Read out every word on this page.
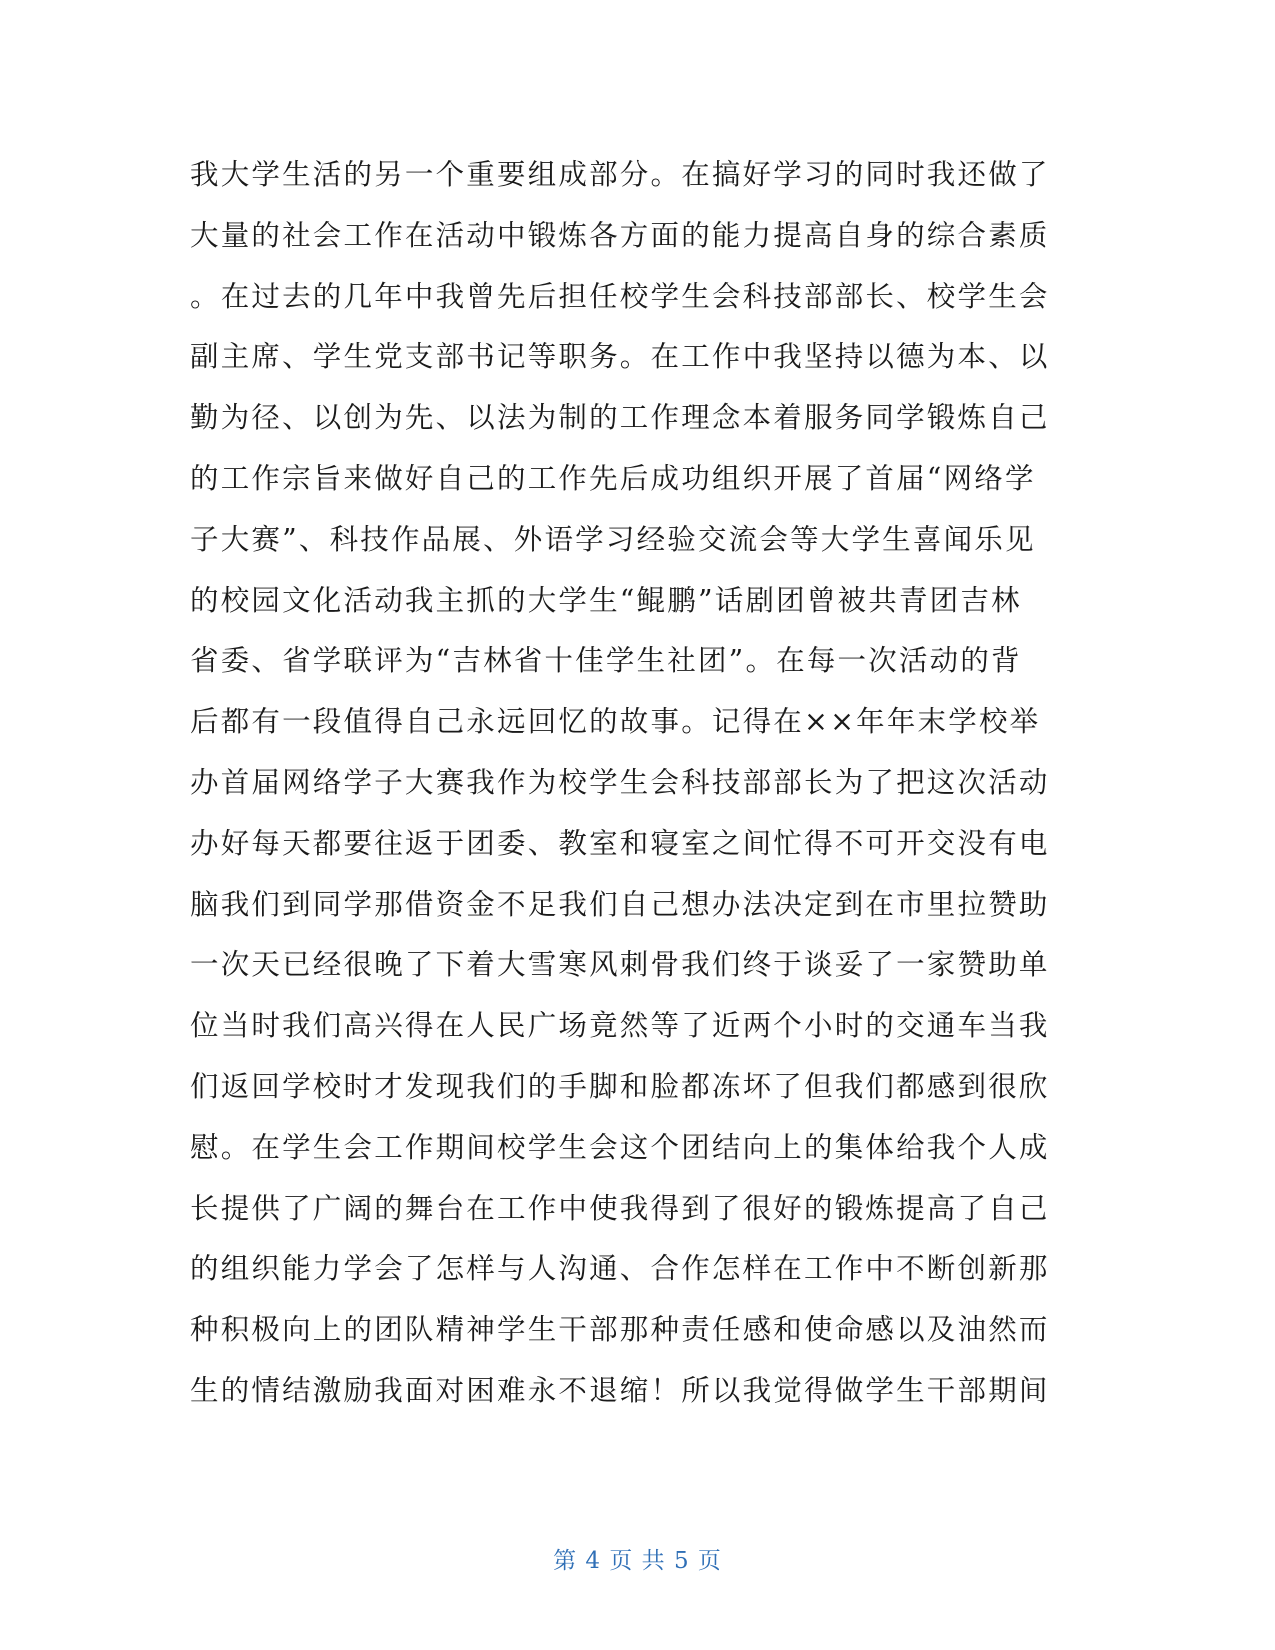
我大学生活的另一个重要组成部分。在搞好学习的同时我还做了
大量的社会工作在活动中锻炼各方面的能力提高自身的综合素质
。在过去的几年中我曾先后担任校学生会科技部部长、校学生会
副主席、学生党支部书记等职务。在工作中我坚持以德为本、以
勤为径、以创为先、以法为制的工作理念本着服务同学锻炼自己
的工作宗旨来做好自己的工作先后成功组织开展了首届“网络学
子大赛”、科技作品展、外语学习经验交流会等大学生喜闻乐见
的校园文化活动我主抓的大学生“鲲鹏”话剧团曾被共青团吉林
省委、省学联评为“吉林省十佳学生社团”。在每一次活动的背
后都有一段值得自己永远回忆的故事。记得在××年年末学校举
办首届网络学子大赛我作为校学生会科技部部长为了把这次活动
办好每天都要往返于团委、教室和寝室之间忙得不可开交没有电
脑我们到同学那借资金不足我们自己想办法决定到在市里拉赞助
一次天已经很晚了下着大雪寒风刺骨我们终于谈妥了一家赞助单
位当时我们高兴得在人民广场竟然等了近两个小时的交通车当我
们返回学校时才发现我们的手脚和脸都冻坏了但我们都感到很欣
慰。在学生会工作期间校学生会这个团结向上的集体给我个人成
长提供了广阔的舞台在工作中使我得到了很好的锻炼提高了自己
的组织能力学会了怎样与人沟通、合作怎样在工作中不断创新那
种积极向上的团队精神学生干部那种责任感和使命感以及油然而
生的情结激励我面对困难永不退缩！所以我觉得做学生干部期间
第 4 页 共 5 页
